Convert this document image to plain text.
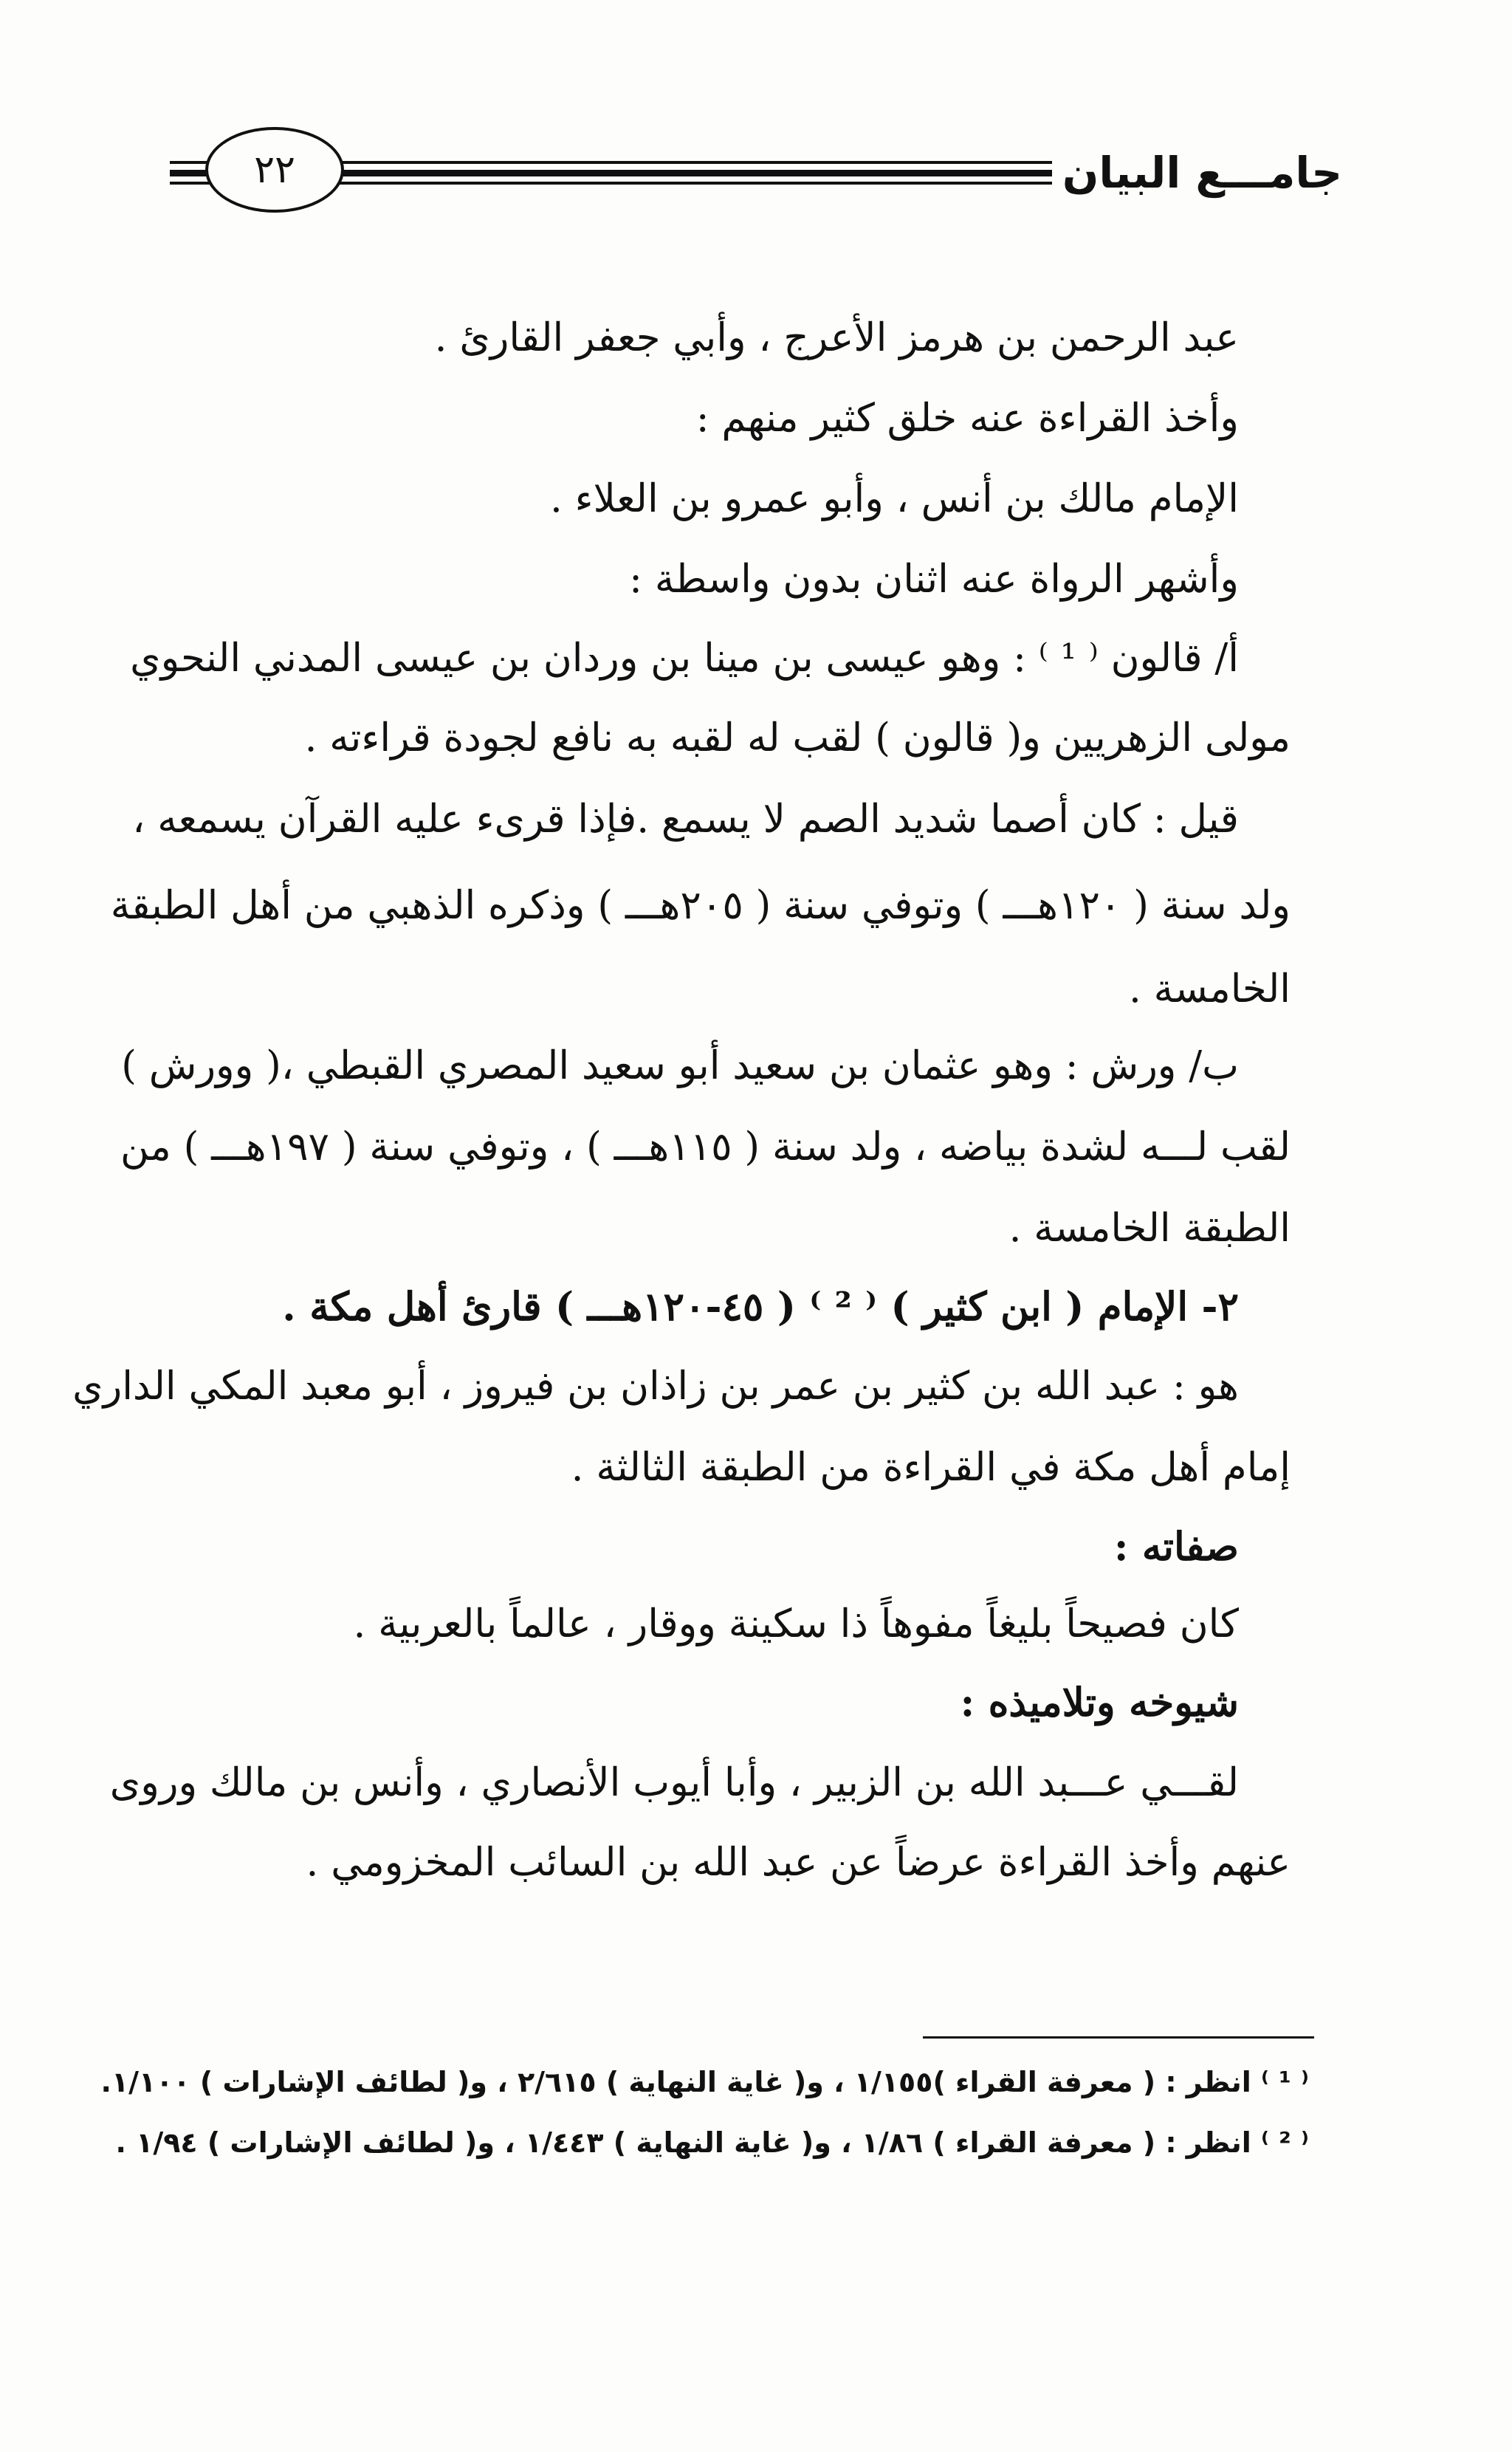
٢٢	جامـــع البيان
عبد الرحمن بن هرمز الأعرج ، وأبي جعفر القارئ .
وأخذ القراءة عنه خلق كثير منهم :
الإمام مالك بن أنس ، وأبو عمرو بن العلاء .
وأشهر الرواة عنه اثنان بدون واسطة :
أ/ قالون ⁽ ¹ ⁾ : وهو عيسى بن مينا بن وردان بن عيسى المدني النحوي
مولى الزهريين و( قالون ) لقب له لقبه به نافع لجودة قراءته .
قيل : كان أصما شديد الصم لا يسمع .فإذا قرىء عليه القرآن يسمعه ،
ولد سنة ( ١٢٠هـــ ) وتوفي سنة ( ٢٠٥هـــ ) وذكره الذهبي من أهل الطبقة
الخامسة .
ب/ ورش : وهو عثمان بن سعيد أبو سعيد المصري القبطي ،( وورش )
لقب لـــه لشدة بياضه ، ولد سنة ( ١١٥هـــ ) ، وتوفي سنة ( ١٩٧هـــ ) من
الطبقة الخامسة .
٢- الإمام ( ابن كثير ) ⁽ ² ⁾ ( ٤٥-١٢٠هـــ ) قارئ أهل مكة .
هو : عبد الله بن كثير بن عمر بن زاذان بن فيروز ، أبو معبد المكي الداري
إمام أهل مكة في القراءة من الطبقة الثالثة .
صفاته :
كان فصيحاً بليغاً مفوهاً ذا سكينة ووقار ، عالماً بالعربية .
شيوخه وتلاميذه :
لقـــي عـــبد الله بن الزبير ، وأبا أيوب الأنصاري ، وأنس بن مالك وروى
عنهم وأخذ القراءة عرضاً عن عبد الله بن السائب المخزومي .
⁽ ¹ ⁾ انظر : ( معرفة القراء )١/١٥٥ ، و( غاية النهاية ) ٢/٦١٥ ، و( لطائف الإشارات ) ١/١٠٠.
⁽ ² ⁾ انظر : ( معرفة القراء ) ١/٨٦ ، و( غاية النهاية ) ١/٤٤٣ ، و( لطائف الإشارات ) ١/٩٤ .
